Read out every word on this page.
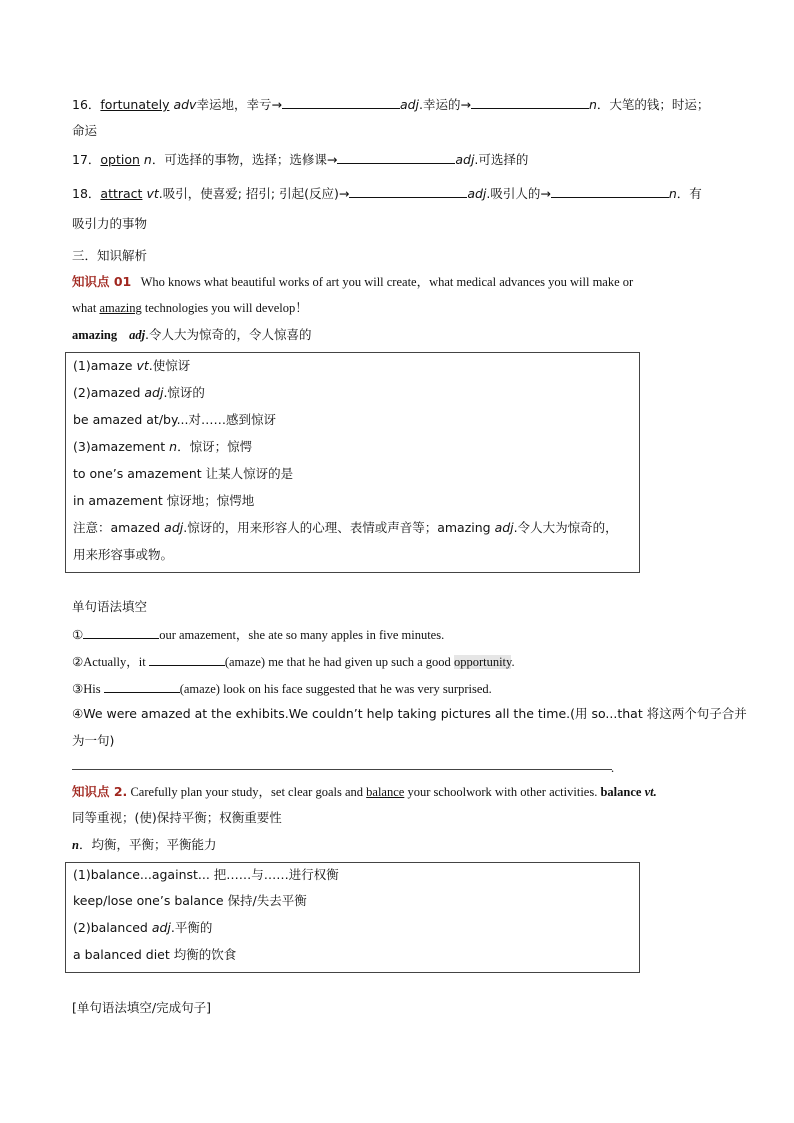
16．fortunately adv幸运地，幸亏→	adj.幸运的→	n．大笔的钱；时运；
命运
17．option n．可选择的事物，选择；选修课→	adj.可选择的
18．attract vt.吸引，使喜爱; 招引; 引起(反应)→	adj.吸引人的→	n．有
吸引力的事物
三．知识解析
知识点 01 Who knows what beautiful works of art you will create，what medical advances you will make or
what amazing technologies you will develop！
amazing adj.令人大为惊奇的，令人惊喜的
(1)amaze vt.使惊讶
(2)amazed adj.惊讶的
be amazed at/by...对……感到惊讶
(3)amazement n．惊讶；惊愕
to one’s amazement 让某人惊讶的是
in amazement 惊讶地；惊愕地
注意：amazed adj.惊讶的，用来形容人的心理、表情或声音等；amazing adj.令人大为惊奇的，
用来形容事或物。
单句语法填空
①	our amazement，she ate so many apples in five minutes.
②Actually，it	(amaze) me that he had given up such a good opportunity.
③His	(amaze) look on his face suggested that he was very surprised.
④We were amazed at the exhibits.We couldn’t help taking pictures all the time.(用 so...that 将这两个句子合并
为一句)
.
知识点 2. Carefully plan your study，set clear goals and balance your schoolwork with other activities. balance vt.
同等重视；(使)保持平衡；权衡重要性
n．均衡，平衡；平衡能力
(1)balance...against... 把……与……进行权衡
keep/lose one’s balance 保持/失去平衡
(2)balanced adj.平衡的
a balanced diet 均衡的饮食
[单句语法填空/完成句子]
